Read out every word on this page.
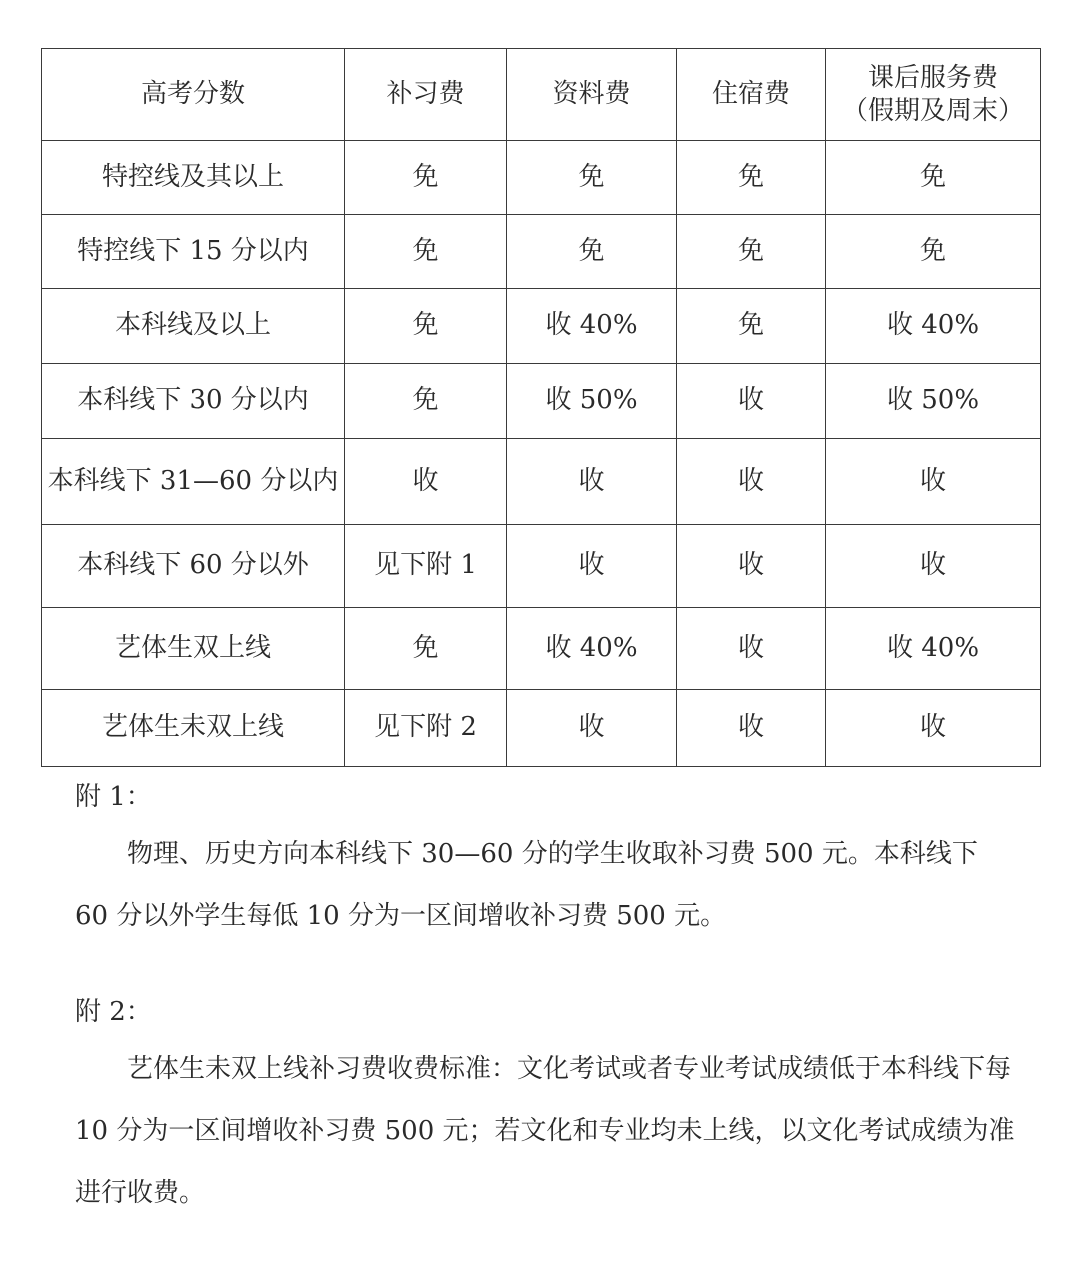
高考分数	补习费	资料费	住宿费	课后服务费
（假期及周末）

特控线及其以上	免	免	免	免
特控线下 15 分以内	免	免	免	免
本科线及以上	免	收 40%	免	收 40%
本科线下 30 分以内	免	收 50%	收	收 50%
本科线下 31—60 分以内	收	收	收	收
本科线下 60 分以外	见下附 1	收	收	收
艺体生双上线	免	收 40%	收	收 40%
艺体生未双上线	见下附 2	收	收	收

附 1：

物理、历史方向本科线下 30—60 分的学生收取补习费 500 元。本科线下 60 分以外学生每低 10 分为一区间增收补习费 500 元。

附 2：

艺体生未双上线补习费收费标准：文化考试或者专业考试成绩低于本科线下每 10 分为一区间增收补习费 500 元；若文化和专业均未上线，以文化考试成绩为准进行收费。
